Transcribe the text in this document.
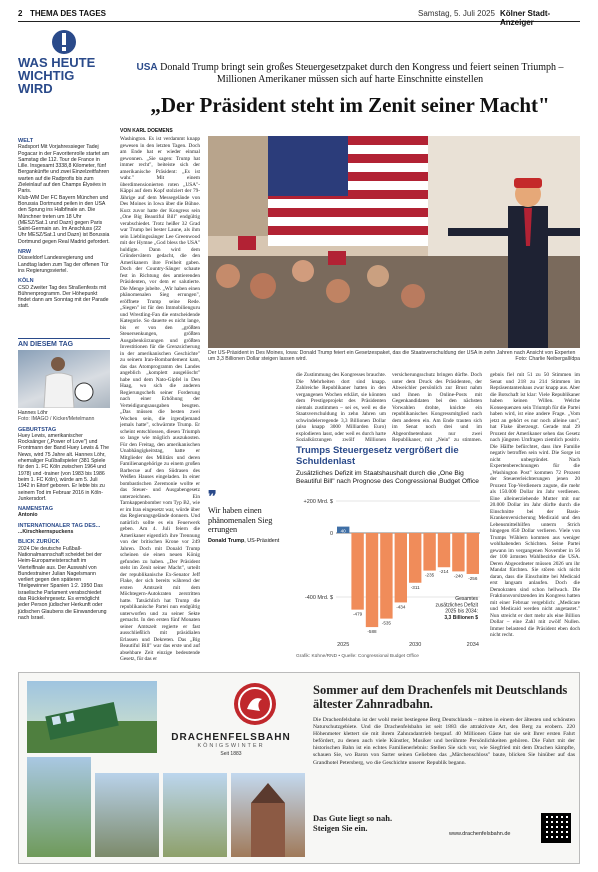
2 THEMA DES TAGES	Samstag, 5. Juli 2025 Kölner Stadt-Anzeiger
WAS HEUTE
WICHTIG
WIRD
WELT
Radsport Mit Vorjahressieger Tadej Pogacar in der Favoritenrolle startet am Samstag die 112. Tour de France in Lille. Insgesamt 3338,8 Kilometer, fünf Bergankünfte und zwei Einzelzeitfahren warten auf die Radprofis bis zum Zieleinlauf auf den Champs Élysées in Paris.
Klub-WM Der FC Bayern München und Borussia Dortmund peilen in den USA den Sprung ins Halbfinale an. Die Münchner treten um 18 Uhr (MESZ/Sat.1 und Dazn) gegen Paris Saint-Germain an. Im Anschluss (22 Uhr MESZ/Sat.1 und Dazn) ist Borussia Dortmund gegen Real Madrid gefordert.
NRW
Düsseldorf Landesregierung und Landtag laden zum Tag der offenen Tür ins Regierungsviertel.
KÖLN
CSD Zweiter Tag des Straßenfests mit Bühnenprogramm. Der Höhepunkt findet dann am Sonntag mit der Parade statt.
AN DIESEM TAG
Hannes Löhr
Foto: IMAGO / Kicker/Metelmann
GEBURTSTAG
Huey Lewis, amerikanischer Rocksänger („Power of Love") und Frontmann der Band Huey Lewis & The News, wird 75 Jahre alt. Hannes Löhr, ehemaliger Fußballspieler (381 Spiele für den 1. FC Köln zwischen 1964 und 1978) und -trainer (von 1983 bis 1986 beim 1. FC Köln), würde am 5. Juli 1942 in Eitorf geboren. Er lebte bis zu seinem Tod im Februar 2016 in Köln-Junkersdorf.
NAMENSTAG
Antonio
INTERNATIONALER TAG DES...
...Kirschkernspuckens
BLICK ZURÜCK
2024 Die deutsche Fußball-Nationalmannschaft scheidet bei der Heim-Europameisterschaft im Viertelfinale aus. Der Auswahl von Bundestrainer Julian Nagelsmann verliert gegen den späteren Titelgewinner Spanien 1:2. 1950 Das israelische Parlament verabschiedet das Rückkehrgesetz. Es ermöglicht jeder Person jüdischer Herkunft oder jüdischen Glaubens die Einwanderung nach Israel.
USA Donald Trump bringt sein großes Steuergesetzpaket durch den Kongress und feiert seinen Triumph – Millionen Amerikaner müssen sich auf harte Einschnitte einstellen
„Der Präsident steht im Zenit seiner Macht"
VON KARL DOEMENS
Washington. Es ist verdammt knapp gewesen in den letzten Tagen. Doch am Ende hat er wieder einmal gewonnen. „Sie sagen: Trump hat immer recht", beiteiste sich der amerikanische Präsident: „Es ist wahr." Mit einem überdimensionierten roten „USA"-Käppi auf dem Kopf stolziert der 79-Jährige auf dem Messegelände von Des Moines in Iowa über die Bühne. Kurz zuvor hatte der Kongress sein „One Big Beautiful Bill" endgültig verabschiedet. Trotz heißer 32 Grad war Trump bei bester Laune, als ihm sein Lieblingssänger Lee Greenwood mit der Hymne „God bless the USA" huldigte. Dann wird dem Gründervätern gedacht, die den Amerikanern ihre Freiheit gaben. Doch der Country-Sänger schaute fest in Richtung des amtierenden Präsidenten, vor dem er salutierte. Die Menge jubelte. „Wir haben einen phänomenalen Sieg errungen", eröffnete Trump seine Rede. „Siegen" ist für den Immobilienguru und Wrestling-Fan die entscheidende Kategorie. So dauerte es nicht lange, bis er von den „größten Steuersenkungen, größten Ausgabenkürzungen und größten Investitionen für die Grenzsicherung in der amerikanischen Geschichte" zu seinem Iran-Bombardement kam, das das Atomprogramm des Landes angeblich „komplett ausgelöscht" habe und dem Nato-Gipfel in Den Haag, wo sich die anderen Regierungschefs seiner Forderung nach einer Erhöhung der Verteidigungsausgaben beugten. „Das müssen die besten zwei Wochen sein, die irgendjemand jemals hatte", schwärmte Trump. Er scheint entschlossen, diesen Triumph so lange wie möglich auszukosten. Für den Freitag, den amerikanischen Unabhängigkeitstag, hatte er Mitglieder des Militärs und deren Familienangehörige zu einem großen Barbecue auf den Südrasen des Weißen Hauses eingeladen. In einer bombastischen Zeremonie wollte er das Steuer- und Ausgabengesetz unterzeichnen. Ein Tarnkappenbomber vom Typ B2, wie er im Iran eingesetzt war, würde über das Regierungsgelände donnern. Und natürlich sollte es ein Feuerwerk geben. Am 4. Juli feiern die Amerikaner eigentlich ihre Trennung von der britischen Krone vor 249 Jahren. Doch mit Donald Trump scheinen sie einen neuen König gefunden zu haben. „Der Präsident steht im Zenit seiner Macht", urteilt der republikanische Ex-Senator Jeff Flake, der sich bereits während der ersten Amtszeit mit dem Möchtegern-Autokraten zerstritten hatte. Tatsächlich hat Trump die republikanische Partei nun endgültig unterworfen und zu seiner Sekte gemacht. In den ersten fünf Monaten seiner Amtszeit regierte er fast ausschließlich mit präsidialen Erlassen und Dekreten. Das „Big Beautiful Bill" war das erste und auf absehbare Zeit einzige bedeutende Gesetz, für das er
Der US-Präsident in Des Moines, Iowa: Donald Trump feiert ein Gesetzespaket, das die Staatsverschuldung der USA in zehn Jahren nach Ansicht von Experten um 3,3 Billionen Dollar steigen lassen wird.	Foto: Charlie Neibergall/dpa
❞
Wir haben einen phänomenalen Sieg errungen
Donald Trump, US-Präsident
die Zustimmung des Kongresses brauchte. Die Mehrheiten dort sind knapp. Zahlreiche Republikaner hatten in den vergangenen Wochen erklärt, sie könnten dem Prestigeprojekt des Präsidenten niemals zustimmen – sei es, weil es die Staatsverschuldung in zehn Jahren um schwindelerregende 3,3 Billionen Dollar (also knapp 3000 Milliarden Euro) explodieren lasst, oder weil es durch harte Sozialkürzungen zwölf Millionen
versicherungsschutz bringen dürfte. Doch unter dem Druck des Präsidenten, der Abweichler persönlich zur Brust nahm und ihnen in Online-Posts mit Gegenkandidaten bei den nächsten Vorwahlen drohte, knickte ein republikanisches Kongressmitglied nach dem anderen ein. Am Ende trauten sich im Senat noch drei und im Abgeordnetenhaus nur zwei Republikaner, mit „Nein" zu stimmen.
gebnis fiel mit 51 zu 50 Stimmen im Senat und 218 zu 214 Stimmen im Repräsentantenhaus zwar knapp aus. Aber die Botschaft ist klar: Viele Republikaner haben keinen Willen. Welche Konsequenzen sein Triumph für die Partei haben wird, ist eine andere Frage. „Vom jetzt an gehört es nur noch alleine uns", hat Flake überzeugt. Gerade mal 29 Prozent der Amerikaner sehen das Gesetz nach jüngsten Umfragen ziemlich positiv. Die Hälfte befürchtet, dass ihre Familie negativ betroffen sein wird. Die Sorge ist nicht unbegründet. Nach Expertenberechnungen für die „Washington Post" kommen 72 Prozent der Steuererleichterungen jenen 20 Prozent Top-Verdienern zugute, die mehr als 150.000 Dollar im Jahr verdienen. Eine alleinerziehende Mutter mit nur 20.000 Dollar im Jahr dürfte durch die Einschnitte bei der Basis-Krankenversicherung Medicaid und den Lebensmittelhilfen unterm Strich hingegen 850 Dollar verlieren. Viele von Trumps Wählern kommen aus weniger wohlhabenden Schichten. Seine Partei gewann im vergangenen November in 56 der 100 ärmsten Wahlbezirke die USA. Deren Abgeordneter müssen 2026 um ihr Mandat fürchten. Sie stören sich nicht daran, dass die Einschnitte bei Medicaid erst langsam anlaufen. Doch die Demokraten sind schon hellwach. Die Fraktionsvorsitzenden im Kongress hatten mit einer Februar vergeblich: „Medicare und Medicaid werden nicht angetastet." Nun streicht er dort mehr als eine Billion Dollar – eine Zahl mit zwölf Nullen. Immer belastend die Präsident eben doch nicht recht.
Trumps Steuergesetz vergrößert die Schuldenlast
Zusätzliches Defizit im Staatshaushalt durch die „One Big Beautiful Bill" nach Prognose des Congressional Budget Office
+200 Mrd. $
0
-400 Mrd. $
40
-479
-588
-535
-434
-311
-235
-214
-240
-256
2025	2030	2034
Gesamtes
zusätzliches Defizit
2025 bis 2034:
3,3 Billionen $
Grafik: Kühne/RND • Quelle: Congressional Budget Office
DRACHENFELSBAHN
KÖNIGSWINTER
Seit 1883
Sommer auf dem Drachenfels mit Deutschlands ältester Zahnradbahn.
Die Drachenfelsbahn ist der wohl meist bestiegene Berg Deutschlands – mitten in einem der ältesten und schönsten Naturschutzgebiete. Und die Drachenfelsbahn ist seit 1883 die attraktivste Art, den Berg zu erobern. 220 Höhenmeter klettert sie mit ihrem Zahnradantrieb bergauf. 40 Millionen Gäste hat sie seit Ihrer ersten Fahrt befördert, zu denen auch viele Künstler, Musiker und berühmte Persönlichkeiten gehören. Die Fahrt mit der historischen Bahn ist ein echtes Familienerlebnis: Stellen Sie sich vor, wie Siegfried mit dem Drachen kämpfte, schauen Sie, wo Baron von Sarter seinen Geliebten das „Märchenschloss" baute, blicken Sie hinüber auf das Grandhotel Petersberg, wo die Geschichte unserer Republik begann.
Das Gute liegt so nah.
Steigen Sie ein.
www.drachenfelsbahn.de
